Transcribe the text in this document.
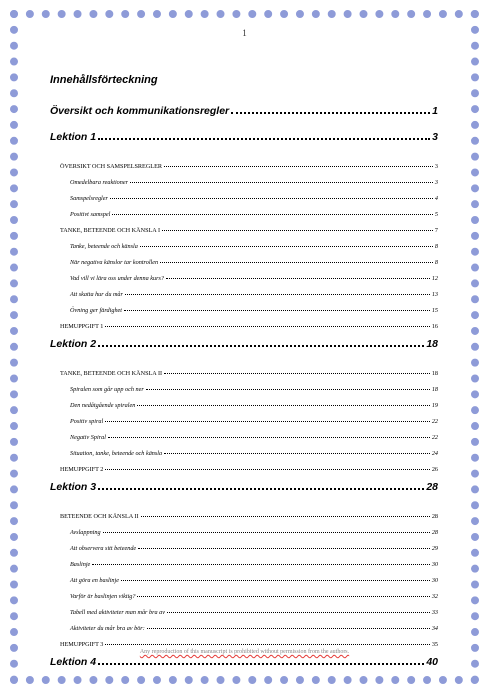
1
Innehållsförteckning
Översikt och kommunikationsregler	1
Lektion 1	3
ÖVERSIKT OCH SAMSPELSREGLER	3
Omedelbara reaktioner	3
Samspelsregler	4
Positivt samspel	5
TANKE, BETEENDE OCH KÄNSLA I	7
Tanke, beteende och känsla	8
När negativa känslor tar kontrollen	8
Vad vill vi lära oss under denna kurs?	12
Att skatta hur du mår	13
Övning ger färdighet	15
HEMUPPGIFT 1	16
Lektion 2	18
TANKE, BETEENDE OCH KÄNSLA II	18
Spiralen som går upp och ner	18
Den nedåtgående spiralen	19
Positiv spiral	22
Negativ Spiral	22
Situation, tanke, beteende och känsla	24
HEMUPPGIFT 2	26
Lektion 3	28
BETEENDE OCH KÄNSLA II	28
Avslappning	28
Att observera sitt beteende	29
Baslinje	30
Att göra en baslinje	30
Varför är baslinjen viktig?	32
Tabell med aktiviteter man mår bra av	33
Aktiviteter du mår bra av bör:	34
HEMUPPGIFT 3	35
Lektion 4	40
Any reproduction of this manuscript is prohibited without permission from the authors.
